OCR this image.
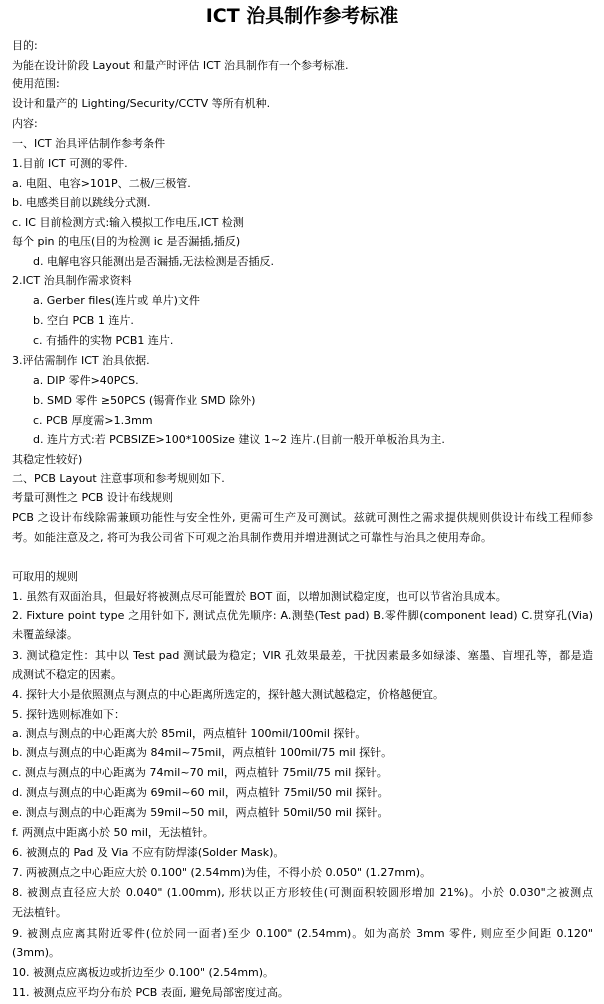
ICT 治具制作参考标准
目的:
为能在设计阶段 Layout 和量产时评估 ICT 治具制作有一个参考标准.
使用范围:
设计和量产的 Lighting/Security/CCTV 等所有机种.
内容:
一、ICT 治具评估制作参考条件
1.目前 ICT 可测的零件.
a. 电阻、电容>101P、二极/三极管.
b. 电感类目前以跳线分式测.
c. IC 目前检测方式:输入模拟工作电压,ICT 检测
每个 pin 的电压(目的为检测 ic 是否漏插,插反)
d. 电解电容只能测出是否漏插,无法检测是否插反.
2.ICT 治具制作需求资料
a. Gerber files(连片或 单片)文件
b. 空白 PCB 1 连片.
c. 有插件的实物 PCB1 连片.
3.评估需制作 ICT 治具依据.
a. DIP 零件>40PCS.
b. SMD 零件 ≥50PCS (锡膏作业 SMD 除外)
c. PCB 厚度需>1.3mm
d. 连片方式:若 PCBSIZE>100*100Size 建议 1~2 连片.(目前一般开单板治具为主.
其稳定性较好)
二、PCB Layout 注意事项和参考规则如下.
考量可测性之 PCB 设计布线规则
PCB 之设计布线除需兼顾功能性与安全性外, 更需可生产及可测试。兹就可测性之需求提供规则供设计布线工程师参
考。如能注意及之, 将可为我公司省下可观之治具制作费用并增进测试之可靠性与治具之使用寿命。
可取用的规则
1. 虽然有双面治具，但最好将被测点尽可能置於 BOT 面，以增加测试稳定度，也可以节省治具成本。
2. Fixture point type 之用针如下, 测试点优先顺序: A.测垫(Test pad) B.零件脚(component lead) C.贯穿孔(Via)
未覆盖绿漆。
3. 测试稳定性：其中以 Test pad 测试最为稳定；VIR 孔效果最差，干扰因素最多如绿漆、塞墨、盲埋孔等，都是造
成测试不稳定的因素。
4. 探针大小是依照测点与测点的中心距离所选定的，探针越大测试越稳定，价格越便宜。
5. 探针选则标准如下：
a. 测点与测点的中心距离大於 85mil，两点植针 100mil/100mil 探针。
b. 测点与测点的中心距离为 84mil~75mil，两点植针 100mil/75 mil 探针。
c. 测点与测点的中心距离为 74mil~70 mil，两点植针 75mil/75 mil 探针。
d. 测点与测点的中心距离为 69mil~60 mil，两点植针 75mil/50 mil 探针。
e. 测点与测点的中心距离为 59mil~50 mil，两点植针 50mil/50 mil 探针。
f. 两测点中距离小於 50 mil，无法植针。
6. 被测点的 Pad 及 Via 不应有防焊漆(Solder Mask)。
7. 两被测点之中心距应大於 0.100" (2.54mm)为佳，不得小於 0.050" (1.27mm)。
8. 被测点直径应大於 0.040" (1.00mm), 形状以正方形较佳(可测面积较圆形增加 21%)。小於 0.030"之被测点
无法植针。
9. 被测点应离其附近零件(位於同一面者)至少 0.100" (2.54mm)。如为高於 3mm 零件, 则应至少间距 0.120"
(3mm)。
10. 被测点应离板边或折边至少 0.100" (2.54mm)。
11. 被测点应平均分布於 PCB 表面, 避免局部密度过高。
